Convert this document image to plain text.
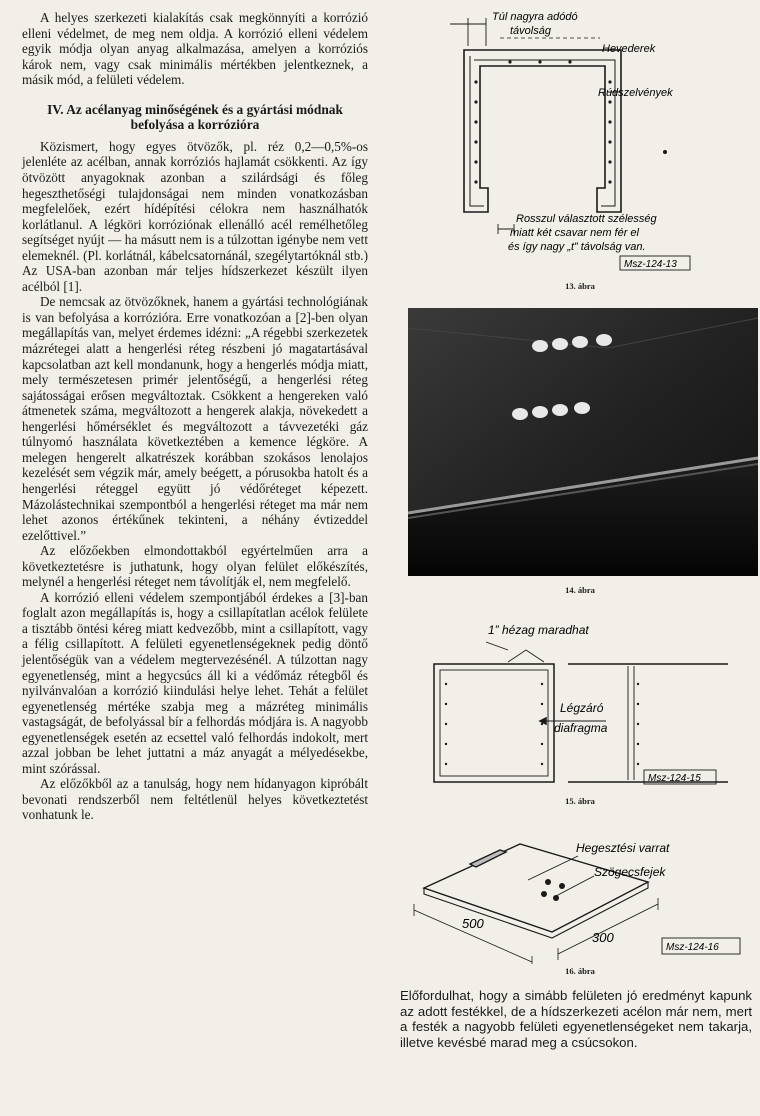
A helyes szerkezeti kialakítás csak megkönnyíti a korrózió elleni védelmet, de meg nem oldja. A korrózió elleni védelem egyik módja olyan anyag alkalmazása, amelyen a korróziós károk nem, vagy csak minimális mértékben jelentkeznek, a másik mód, a felületi védelem.

IV. Az acélanyag minőségének és a gyártási módnak befolyása a korrózióra

Közismert, hogy egyes ötvözők, pl. réz 0,2—0,5%-os jelenléte az acélban, annak korróziós hajlamát csökkenti. Az így ötvözött anyagoknak azonban a szilárdsági és főleg hegeszthetőségi tulajdonságai nem minden vonatkozásban megfelelőek, ezért hídépítési célokra nem használhatók korlátlanul. A légköri korróziónak ellenálló acél remélhetőleg segítséget nyújt — ha másutt nem is a túlzottan igénybe nem vett elemeknél. (Pl. korlátnál, kábelcsatornánál, szegélytartóknál stb.) Az USA-ban azonban már teljes hídszerkezet készült ilyen acélból [1].

De nemcsak az ötvözőknek, hanem a gyártási technológiának is van befolyása a korrózióra. Erre vonatkozóan a [2]-ben olyan megállapítás van, melyet érdemes idézni: „A régebbi szerkezetek mázrétegei alatt a hengerlési réteg részbeni jó magatartásával kapcsolatban azt kell mondanunk, hogy a hengerlés módja miatt, mely természetesen primér jelentőségű, a hengerlési réteg sajátosságai erősen megváltoztak. Csökkent a hengereken való átmenetek száma, megváltozott a hengerek alakja, növekedett a hengerlési hőmérséklet és megváltozott a távvezetéki gáz túlnyomó használata következtében a kemence légköre. A melegen hengerelt alkatrészek korábban szokásos lenolajos kezelését sem végzik már, amely beégett, a pórusokba hatolt és a hengerlési réteggel együtt jó védőréteget képezett. Mázolástechnikai szempontból a hengerlési réteget ma már nem lehet azonos értékűnek tekinteni, a néhány évtizeddel ezelőttivel.”

Az előzőekben elmondottakból egyértelműen arra a következtetésre is juthatunk, hogy olyan felület előkészítés, melynél a hengerlési réteget nem távolítják el, nem megfelelő.

A korrózió elleni védelem szempontjából érdekes a [3]-ban foglalt azon megállapítás is, hogy a csillapítatlan acélok felülete a tisztább öntési kéreg miatt kedvezőbb, mint a csillapított, vagy a félig csillapított. A felületi egyenetlenségeknek pedig döntő jelentőségük van a védelem megtervezésénél. A túlzottan nagy egyenetlenség, mint a hegycsúcs áll ki a védőmáz rétegből és nyilvánvalóan a korrózió kiindulási helye lehet. Tehát a felület egyenetlenség mértéke szabja meg a mázréteg minimális vastagságát, de befolyással bír a felhordás módjára is. A nagyobb egyenetlenségek esetén az ecsettel való felhordás indokolt, mert azzal jobban be lehet juttatni a máz anyagát a mélyedésekbe, mint szórással.

Az előzőkből az a tanulság, hogy nem hídanyagon kipróbált bevonati rendszerből nem feltétlenül helyes következtetést vonhatunk le.

Túl nagyra adódó
távolság
Hevederek
Rúdszelvények
Rosszul választott szélesség
miatt két csavar nem fér el
és így nagy „t” távolság van.
Msz-124-13
13. ábra
14. ábra
1” hézag maradhat
Légzáró
diafragma
Msz-124-15
15. ábra
Hegesztési varrat
Szögecsfejek
500
300
Msz-124-16
16. ábra
Előfordulhat, hogy a simább felületen jó eredményt kapunk az adott festékkel, de a hídszerkezeti acélon már nem, mert a festék a nagyobb felületi egyenetlenségeket nem takarja, illetve kevésbé marad meg a csúcsokon.
